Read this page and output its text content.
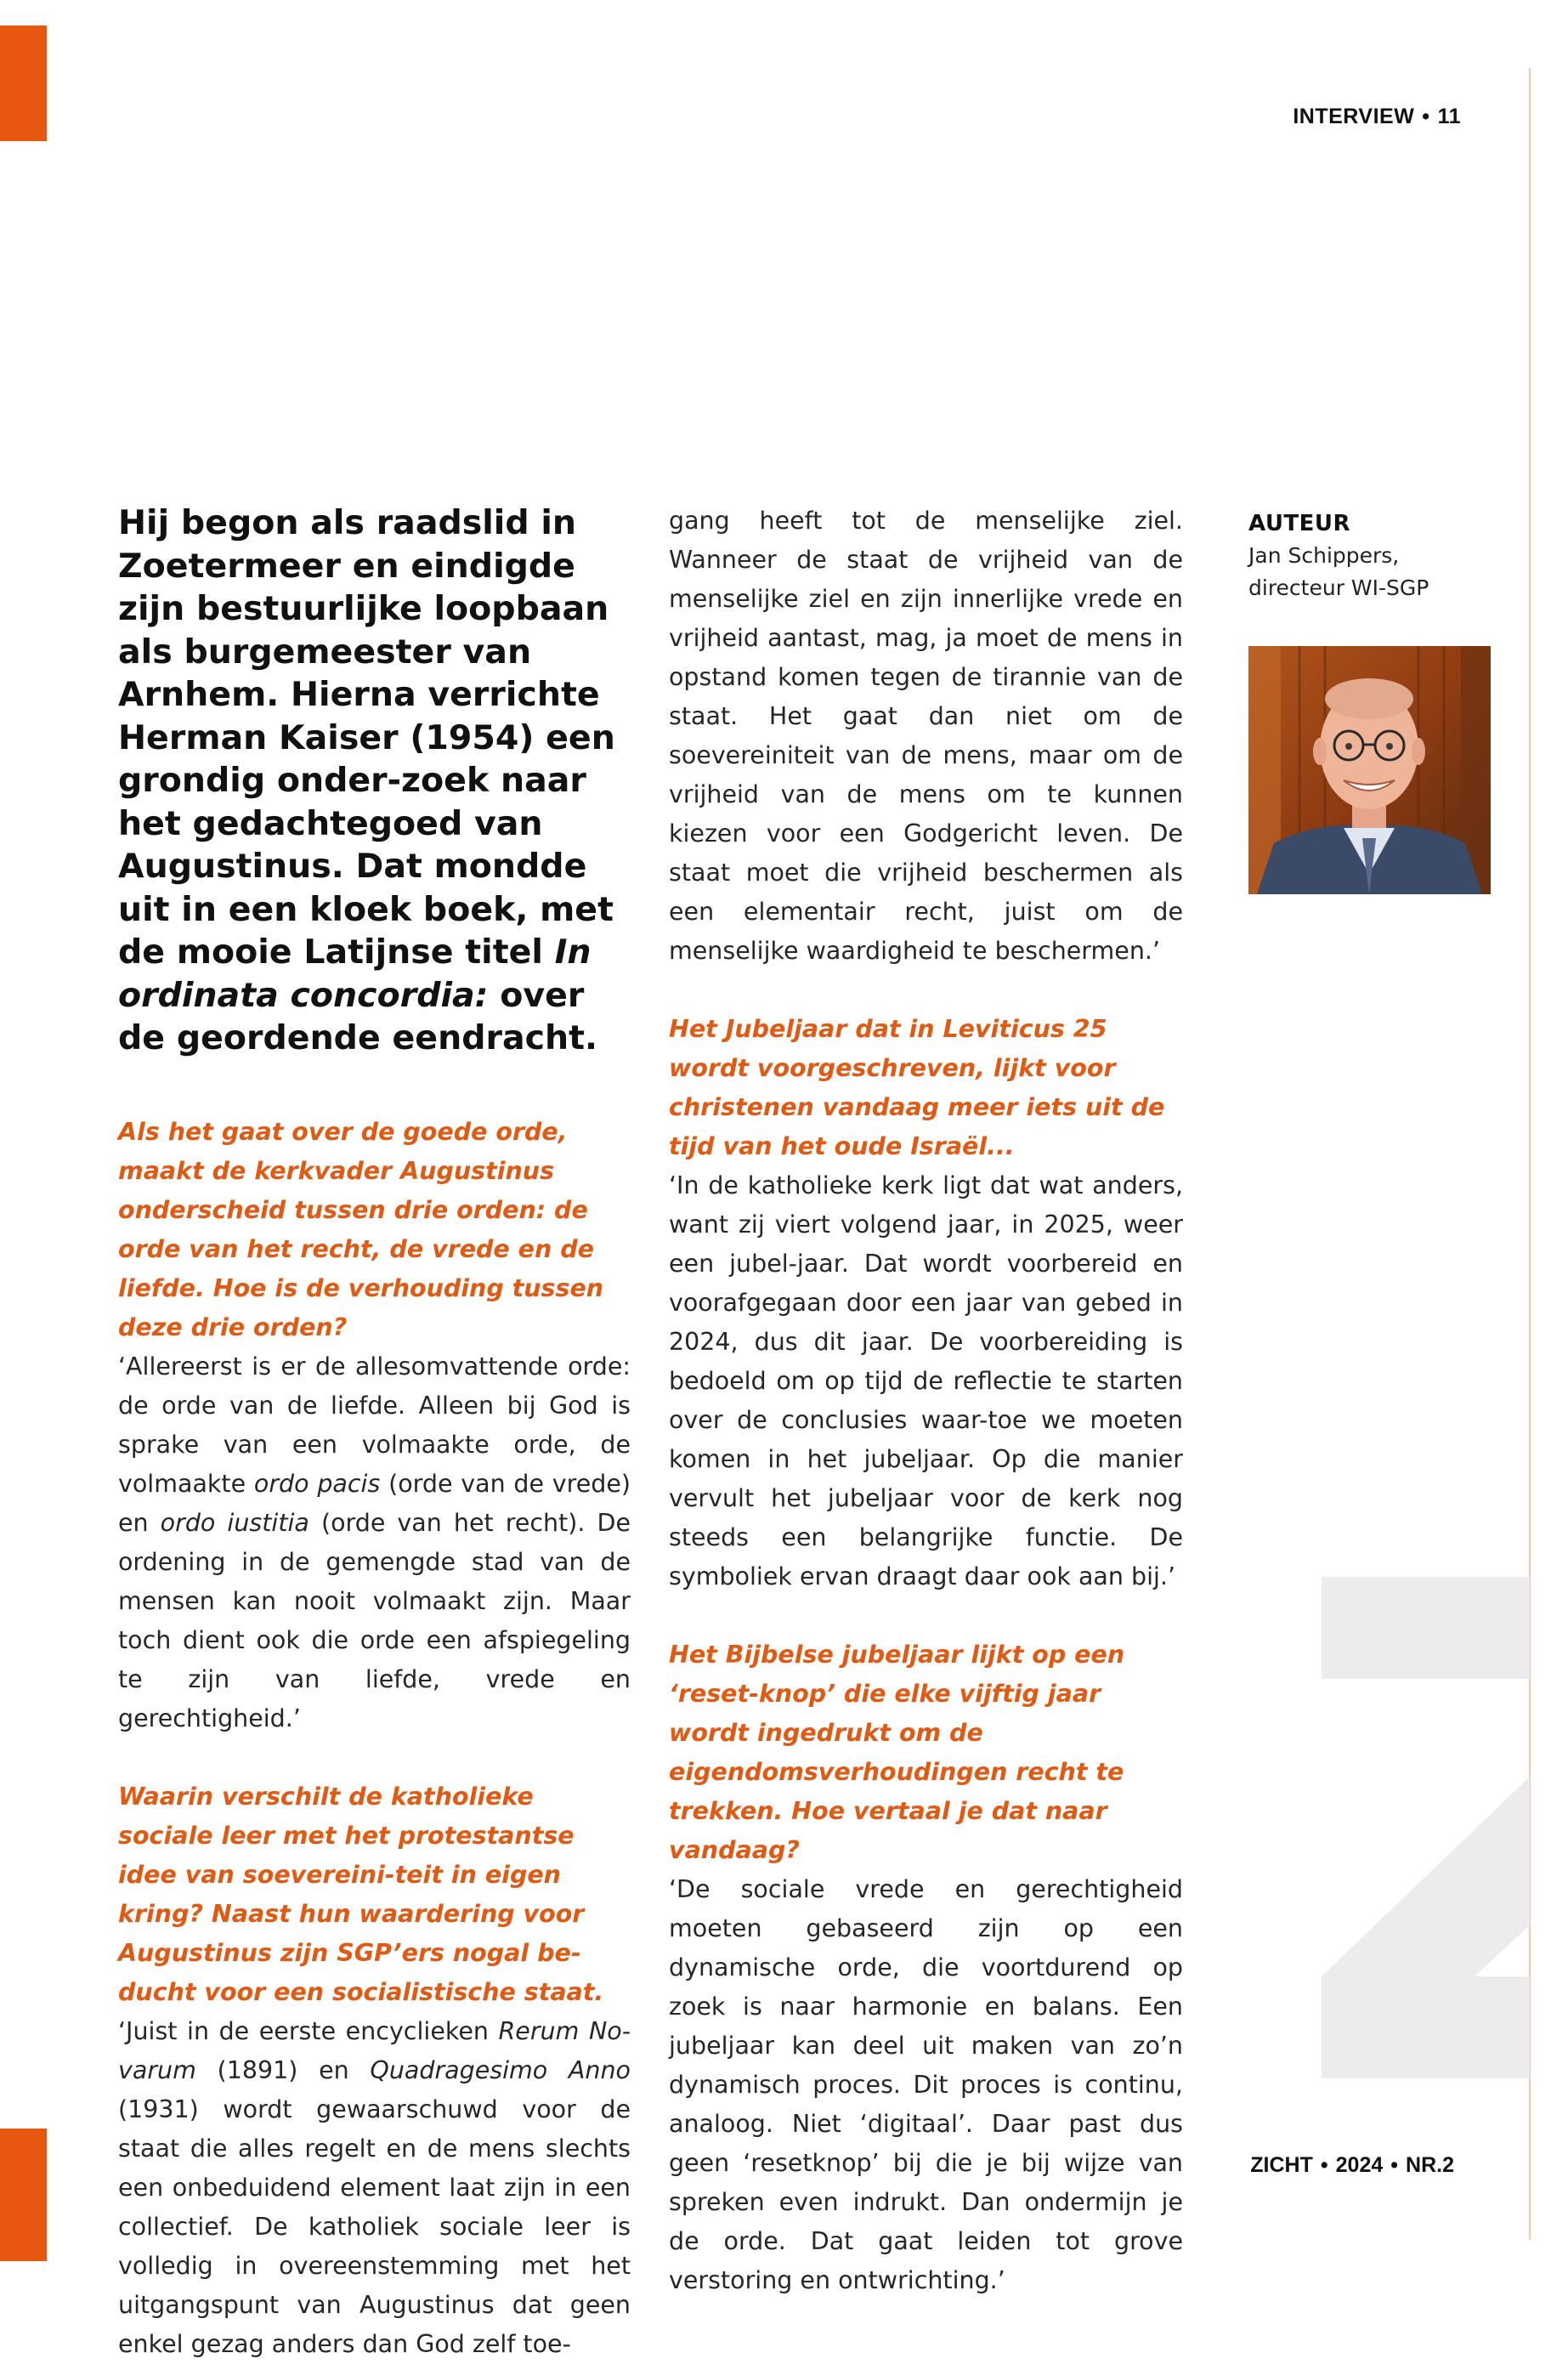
INTERVIEW • 11

Hij begon als raadslid in Zoetermeer en eindigde zijn bestuurlijke loopbaan als burgemeester van Arnhem. Hierna verrichte Herman Kaiser (1954) een grondig onder-zoek naar het gedachtegoed van Augustinus. Dat mondde uit in een kloek boek, met de mooie Latijnse titel In ordinata concordia: over de geordende eendracht.

Als het gaat over de goede orde, maakt de kerkvader Augustinus onderscheid tussen drie orden: de orde van het recht, de vrede en de liefde. Hoe is de verhouding tussen deze drie orden?

‘Allereerst is er de allesomvattende orde: de orde van de liefde. Alleen bij God is sprake van een volmaakte orde, de volmaakte ordo pacis (orde van de vrede) en ordo iustitia (orde van het recht). De ordening in de gemengde stad van de mensen kan nooit volmaakt zijn. Maar toch dient ook die orde een afspiegeling te zijn van liefde, vrede en gerechtigheid.’

Waarin verschilt de katholieke sociale leer met het protestantse idee van soevereini-teit in eigen kring? Naast hun waardering voor Augustinus zijn SGP’ers nogal be-ducht voor een socialistische staat.

‘Juist in de eerste encyclieken Rerum No-varum (1891) en Quadragesimo Anno (1931) wordt gewaarschuwd voor de staat die alles regelt en de mens slechts een onbeduidend element laat zijn in een collectief. De katholiek sociale leer is volledig in overeenstemming met het uitgangspunt van Augustinus dat geen enkel gezag anders dan God zelf toe-

gang heeft tot de menselijke ziel. Wanneer de staat de vrijheid van de menselijke ziel en zijn innerlijke vrede en vrijheid aantast, mag, ja moet de mens in opstand komen tegen de tirannie van de staat. Het gaat dan niet om de soevereiniteit van de mens, maar om de vrijheid van de mens om te kunnen kiezen voor een Godgericht leven. De staat moet die vrijheid beschermen als een elementair recht, juist om de menselijke waardigheid te beschermen.’

Het Jubeljaar dat in Leviticus 25 wordt voorgeschreven, lijkt voor christenen vandaag meer iets uit de tijd van het oude Israël...

‘In de katholieke kerk ligt dat wat anders, want zij viert volgend jaar, in 2025, weer een jubel-jaar. Dat wordt voorbereid en voorafgegaan door een jaar van gebed in 2024, dus dit jaar. De voorbereiding is bedoeld om op tijd de reflectie te starten over de conclusies waar-toe we moeten komen in het jubeljaar. Op die manier vervult het jubeljaar voor de kerk nog steeds een belangrijke functie. De symboliek ervan draagt daar ook aan bij.’

Het Bijbelse jubeljaar lijkt op een ‘reset-knop’ die elke vijftig jaar wordt ingedrukt om de eigendomsverhoudingen recht te trekken. Hoe vertaal je dat naar vandaag?

‘De sociale vrede en gerechtigheid moeten gebaseerd zijn op een dynamische orde, die voortdurend op zoek is naar harmonie en balans. Een jubeljaar kan deel uit maken van zo’n dynamisch proces. Dit proces is continu, analoog. Niet ‘digitaal’. Daar past dus geen ‘resetknop’ bij die je bij wijze van spreken even indrukt. Dan ondermijn je de orde. Dat gaat leiden tot grove verstoring en ontwrichting.’

AUTEUR
Jan Schippers,
directeur WI-SGP
ZICHT • 2024 • NR.2
